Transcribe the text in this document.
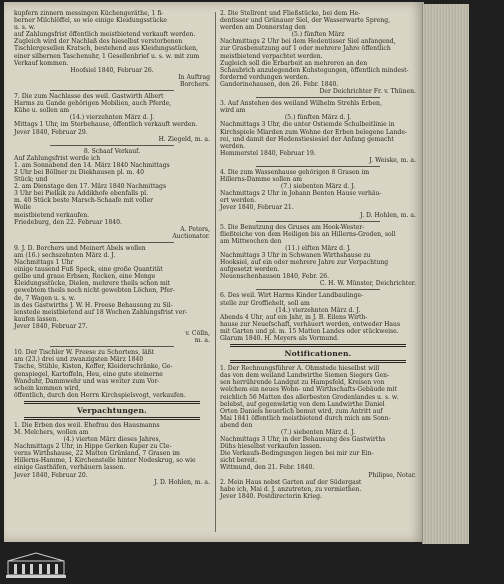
kupfern zinnern messingen Küchengeräthe, 1 fi-
berner Milchlöffel, so wie einige Kleidungsstücke
u. s. w.
auf Zahlungsfrist öffentlich meistbietend verkauft werden.
Zugleich wird der Nachlaß des hieselbst verstorbenen
Tischlergesellen Kratsch, bestehend aus Kleidungsstücken,
einer silbernen Taschenuhr, 1 Gesellenbrief u. s. w. mit zum
Verkauf kommen.
Hoofsiel 1840, Februar 26.
In Auftrag
Borchers.
7. Die zum Nachlasse des weil. Gastwirth Albert
Harms zu Gande gehörigen Mobilien, auch Pferde,
Kühe u. sollen am
(14.) vierzehnten März d. J.
Mittags 1 Uhr, im Sterbehause, öffentlich verkauft werden.
Jever 1840, Februar 29.
H. Ziegeld, m. a.
8. Schaaf Verkauf.
Auf Zahlungsfrist werde ich
1. am Sonnabend den 14. März 1840 Nachmittags
2 Uhr bei Böllner zu Diekhausen pl. m. 40
Stück; und
2. am Dienstage den 17. März 1840 Nachmittags
3 Uhr bei Pielkik zu Addikhofe ebenfalls pl.
m. 40 Stück beste Marsch-Schaafe mit voller
Wolle
meistbietend verkaufen.
Friedeburg, den 22. Februar 1840.
A. Peters,
Auctionator.
9. J. D. Borchers und Meinert Abels wollen
am (16.) sechszehnten März d. J.
Nachmittags 1 Uhr
einige tausend Fuß Speck, eine große Quantität
gelbe und graue Erbsen, Rocken, eine Menge
Kleidungsstücke, Dielen, mehrere theils schon mit
gewebtem theils noch nicht gewebten Löchen, Pfer-
de, 7 Wagen u. s. w.
in des Gastwirths J. W. H. Freese Behausung zu Sil-
lenstede meistbietend auf 18 Wochen Zahlungsfrist ver-
kaufen lassen.
Jever 1840, Februar 27.
v. Cölln,
m. a.
10. Der Tischler W. Freese zu Schortens, läßt
am (23.) drei und zwanzigsten März 1840
Tische, Stühle, Kisten, Koffer, Kleiderschränke, Ge-
genspiegel, Kartoffeln, Heu, eine gute steinerne
Wanduhr, Dammwehr und was weiter zum Vor-
schein kommen wird,
öffentlich, durch den Herrn Kirchspielsvogt, verkaufen.
Verpachtungen.
1. Die Erben des weil. Ehefrau des Hausmanns
M. Melchers, wollen am
(4.) vierten März dieses Jahres,
Nachmittags 2 Uhr, in Hippe Gerken Kuper zu Cle-
verns Wirthshause, 22 Matten Grünland, 7 Grasen im
Hillerns-Hamme, 1 Kirchenstelle hinter Nodeskrug, so wie
einige Gasthäfen, verhäuern lassen.
Jever 1840, Februar 20.
J. D. Hohlen, m. a.
2. Die Stellrent und Fließstücke, bei dem He-
dentisser und Grünauer Siel, der Wasserwarte Spreng,
werden am Donnerstag den
(5.) fünften März
Nachmittags 2 Uhr bei dem Hedentisser Siel anfangend,
zur Grasbenutzung auf 1 oder mehrere Jahre öffentlich
meistbietend verpachtet werden.
Zugleich soll die Erbarbeit an mehreren an den
Schaubrich anzulegenden Kuhstegungen, öffentlich mindest-
fordernd verdungen werden.
Ganderinehausen, den 26. Febr. 1840.
Der Deichrichter Fr. v. Thünen.
3. Auf Anstehen des weiland Wilhelm Strehls Erben,
wird am
(5.) fünften März d. J.
Nachmittags 3 Uhr, die unter Ostiemde Schulbeitlinie in
Kirchspiele Mlarden zum Wohne der Erben belegene Lande-
rei, und damit der Hedenstiesiesiel der Anfang gemacht
werden.
Hemmerstel 1840, Februar 19.
J. Weiske, m. a.
4. Die zum Wassenhause gehörigen 8 Grasen im
Hillerns-Damme sollen am
(7.) siebenten März d. J.
Nachmittags 2 Uhr in Johann Benten Hause verhäu-
ert werden.
Jever 1840, Februar 21.
J. D. Hohlen, m. a.
5. Die Benutzung des Gruses am Hook-Wester-
fließteiche von dem Heiligen bis an Hillerns-Groden, soll
am Mittwochen den
(11.) elften März d. J.
Nachmittags 3 Uhr in Schwanen Wirthshause zu
Hooksiel, auf ein oder mehrere Jahre zur Verpachtung
aufgesetzt werden.
Neuenschenhausen 1840, Febr. 26.
C. H. W. Münster, Deichrichter.
6. Des weil. Wirt Harms Kinder Landbaulinge-
stelle zur Groffiehelt, soll am
(14.) vierzehnten März d. J.
Abends 4 Uhr, auf ein Jahr, in J. B. Eilens Wirth-
hause zur Neuefschaft, verhäuert werden, entweder Haus
mit Garten und pl. m. 15 Matten Landes oder stückweise.
Glarum 1840. H. Meyers als Vormund.
Notificationen.
1. Der Rechnungsführer A. Ohmstede hieselbst will
das von dem weiland Landwirthe Siemen Siegers Gen-
sen herrührende Landgut zu Hampsfeld, Kreisen von
welchem ein neues Wohn- und Wirthschafts-Gebäude mit
reichlich 56 Matten des allerbesten Grodenlandes u. s. w.
belebst, auf gegenwärtig von dem Landwirthe Daniel
Orten Daniels heuerlich bemut wird, zum Antritt auf
Mai 1841 öffentlich meistbietend durch mich am Sonn-
abend den
(7.) siebenten März d. J.
Nachmittags 3 Uhr, in der Behausung des Gastwirths
Dühs hieselbst verkaufen lassen.
Die Verkaufs-Bedingungen liegen bei mir zur Ein-
sicht bereit.
Wittmund, den 21. Febr. 1840.
Philipse, Notar.
2. Mein Haus nebst Garten auf der Südergast
habe ich, Mai d. J. anzutreten, zu vermiethen.
Jever 1840. Postdirectorin Krieg.
